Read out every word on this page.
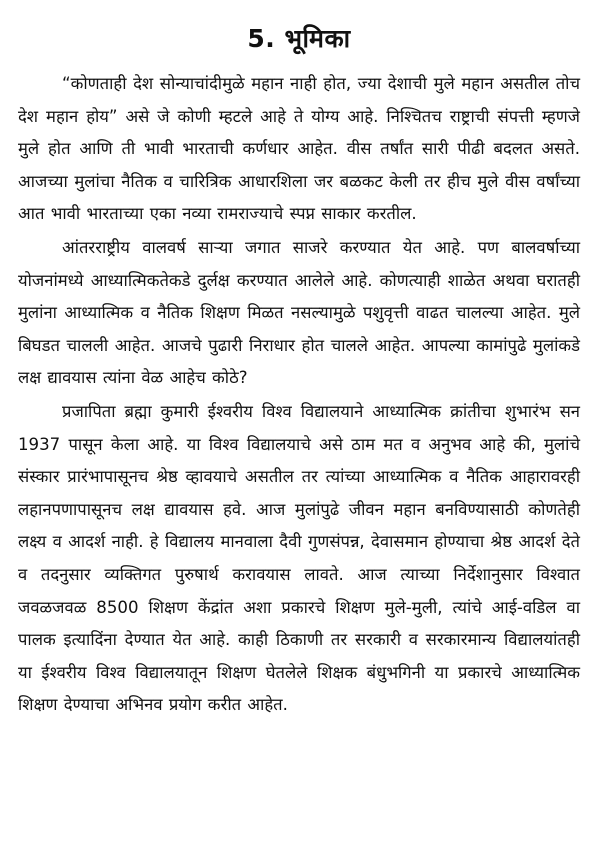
5. भूमिका

“कोणताही देश सोन्याचांदीमुळे महान नाही होत, ज्या देशाची मुले महान असतील तोच देश महान होय” असे जे कोणी म्हटले आहे ते योग्य आहे. निश्चितच राष्ट्राची संपत्ती म्हणजे मुले होत आणि ती भावी भारताची कर्णधार आहेत. वीस तर्षांत सारी पीढी बदलत असते. आजच्या मुलांचा नैतिक व चारित्रिक आधारशिला जर बळकट केली तर हीच मुले वीस वर्षांच्या आत भावी भारताच्या एका नव्या रामराज्याचे स्पप्न साकार करतील.

आंतरराष्ट्रीय वालवर्ष साऱ्या जगात साजरे करण्यात येत आहे. पण बालवर्षाच्या योजनांमध्ये आध्यात्मिकतेकडे दुर्लक्ष करण्यात आलेले आहे. कोणत्याही शाळेत अथवा घरातही मुलांना आध्यात्मिक व नैतिक शिक्षण मिळत नसल्यामुळे पशुवृत्ती वाढत चालल्या आहेत. मुले बिघडत चालली आहेत. आजचे पुढारी निराधार होत चालले आहेत. आपल्या कामांपुढे मुलांकडे लक्ष द्यावयास त्यांना वेळ आहेच कोठे?

प्रजापिता ब्रह्मा कुमारी ईश्वरीय विश्व विद्यालयाने आध्यात्मिक क्रांतीचा शुभारंभ सन 1937 पासून केला आहे. या विश्व विद्यालयाचे असे ठाम मत व अनुभव आहे की, मुलांचे संस्कार प्रारंभापासूनच श्रेष्ठ व्हावयाचे असतील तर त्यांच्या आध्यात्मिक व नैतिक आहारावरही लहानपणापासूनच लक्ष द्यावयास हवे. आज मुलांपुढे जीवन महान बनविण्यासाठी कोणतेही लक्ष्य व आदर्श नाही. हे विद्यालय मानवाला दैवी गुणसंपन्न, देवासमान होण्याचा श्रेष्ठ आदर्श देते व तदनुसार व्यक्तिगत पुरुषार्थ करावयास लावते. आज त्याच्या निर्देशानुसार विश्वात जवळजवळ 8500 शिक्षण केंद्रांत अशा प्रकारचे शिक्षण मुले-मुली, त्यांचे आई-वडिल वा पालक इत्यादिंना देण्यात येत आहे. काही ठिकाणी तर सरकारी व सरकारमान्य विद्यालयांतही या ईश्वरीय विश्व विद्यालयातून शिक्षण घेतलेले शिक्षक बंधुभगिनी या प्रकारचे आध्यात्मिक शिक्षण देण्याचा अभिनव प्रयोग करीत आहेत.
